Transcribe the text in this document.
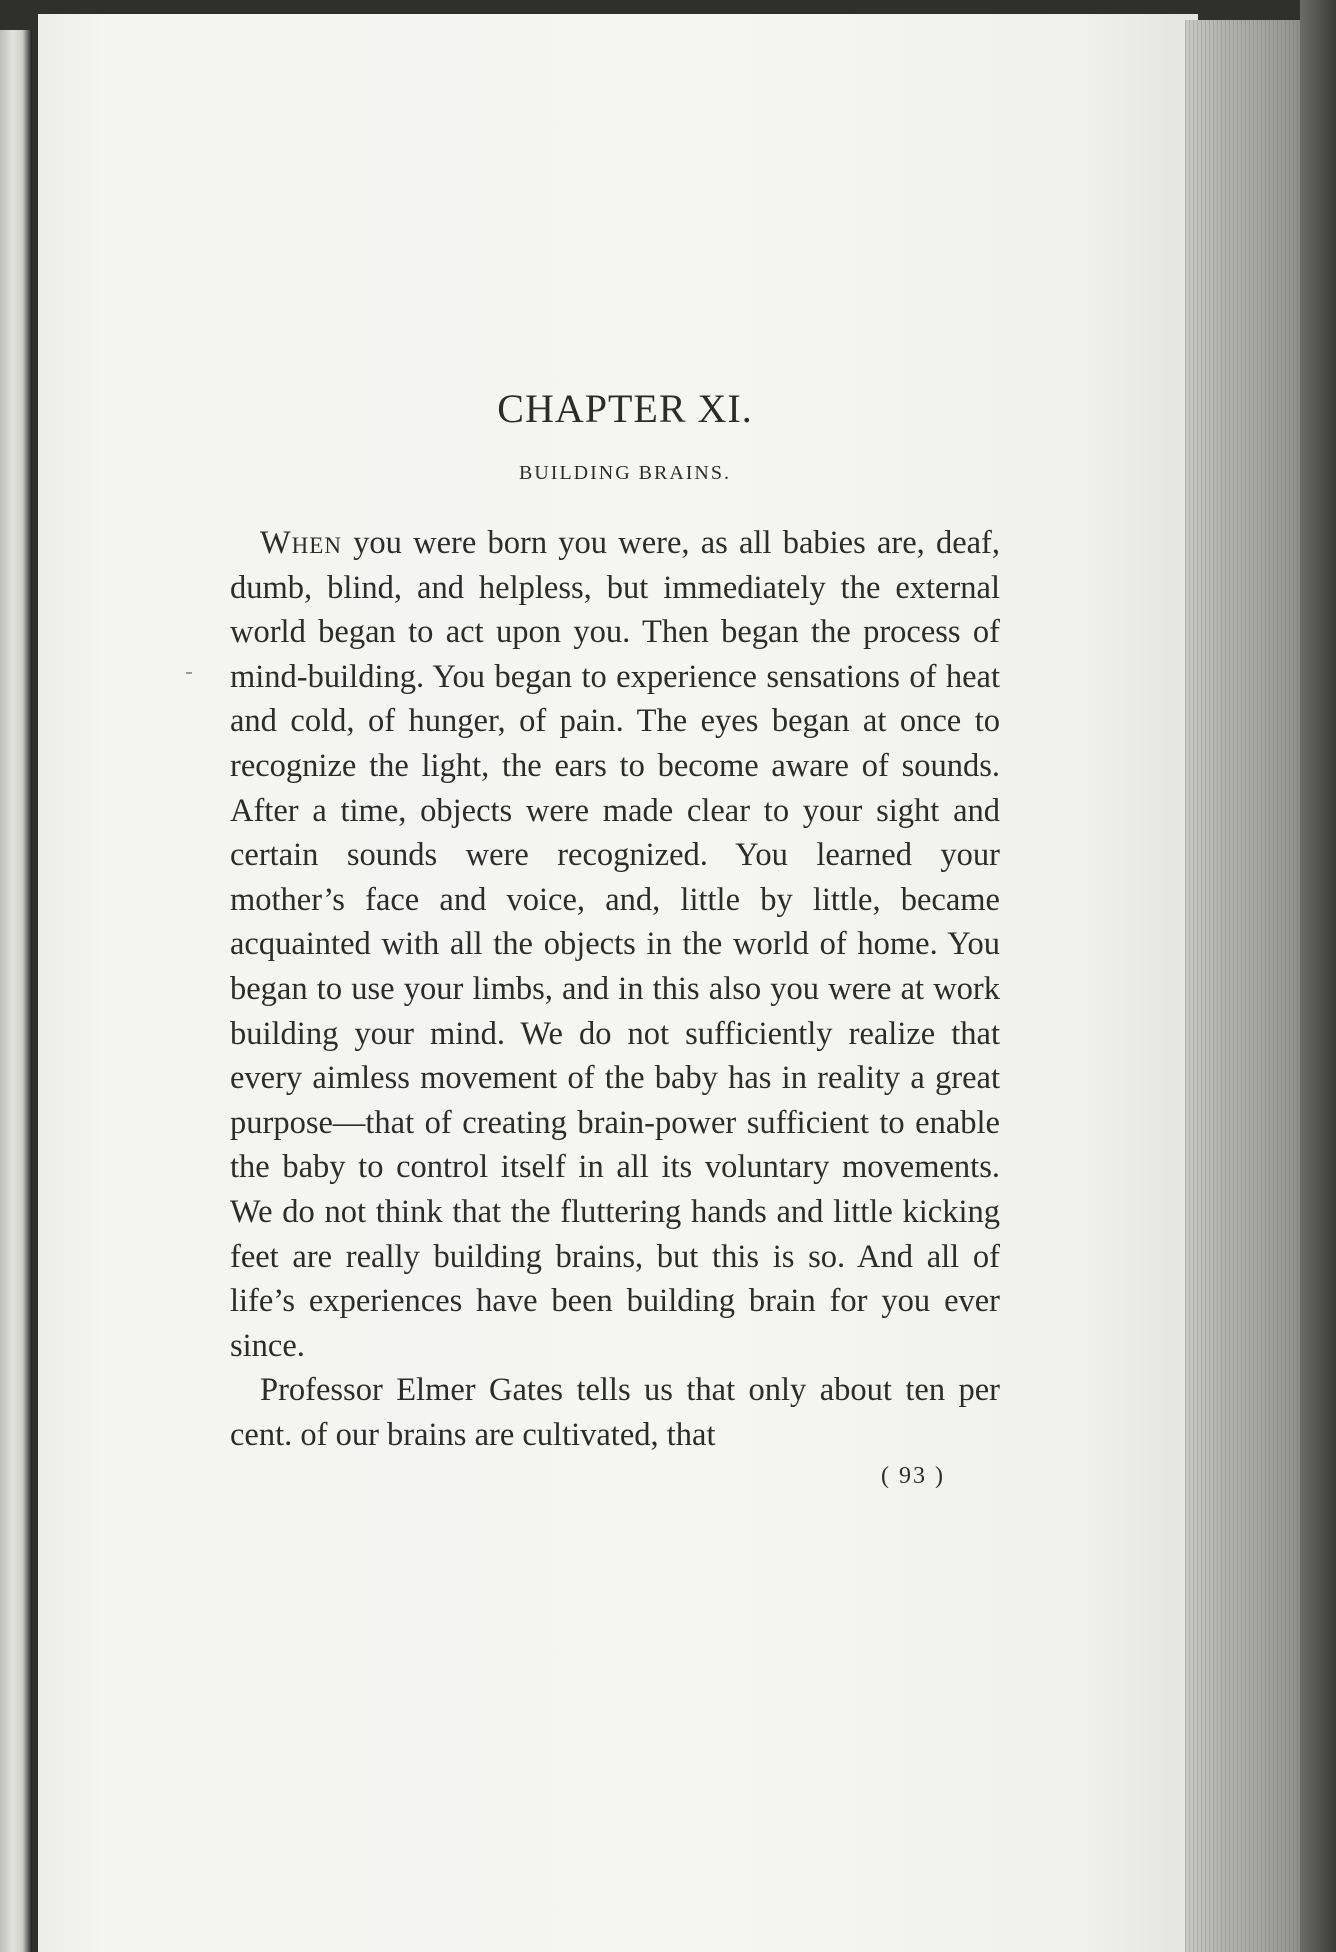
CHAPTER XI.
BUILDING BRAINS.

When you were born you were, as all babies are, deaf, dumb, blind, and helpless, but immediately the external world began to act upon you. Then began the process of mind-building. You began to experience sensations of heat and cold, of hunger, of pain. The eyes began at once to recognize the light, the ears to become aware of sounds. After a time, objects were made clear to your sight and certain sounds were recognized. You learned your mother’s face and voice, and, little by little, became acquainted with all the objects in the world of home. You began to use your limbs, and in this also you were at work building your mind. We do not sufficiently realize that every aimless movement of the baby has in reality a great purpose—that of creating brain-power sufficient to enable the baby to control itself in all its voluntary movements. We do not think that the fluttering hands and little kicking feet are really building brains, but this is so. And all of life’s experiences have been building brain for you ever since.

Professor Elmer Gates tells us that only about ten per cent. of our brains are cultivated, that

( 93 )
